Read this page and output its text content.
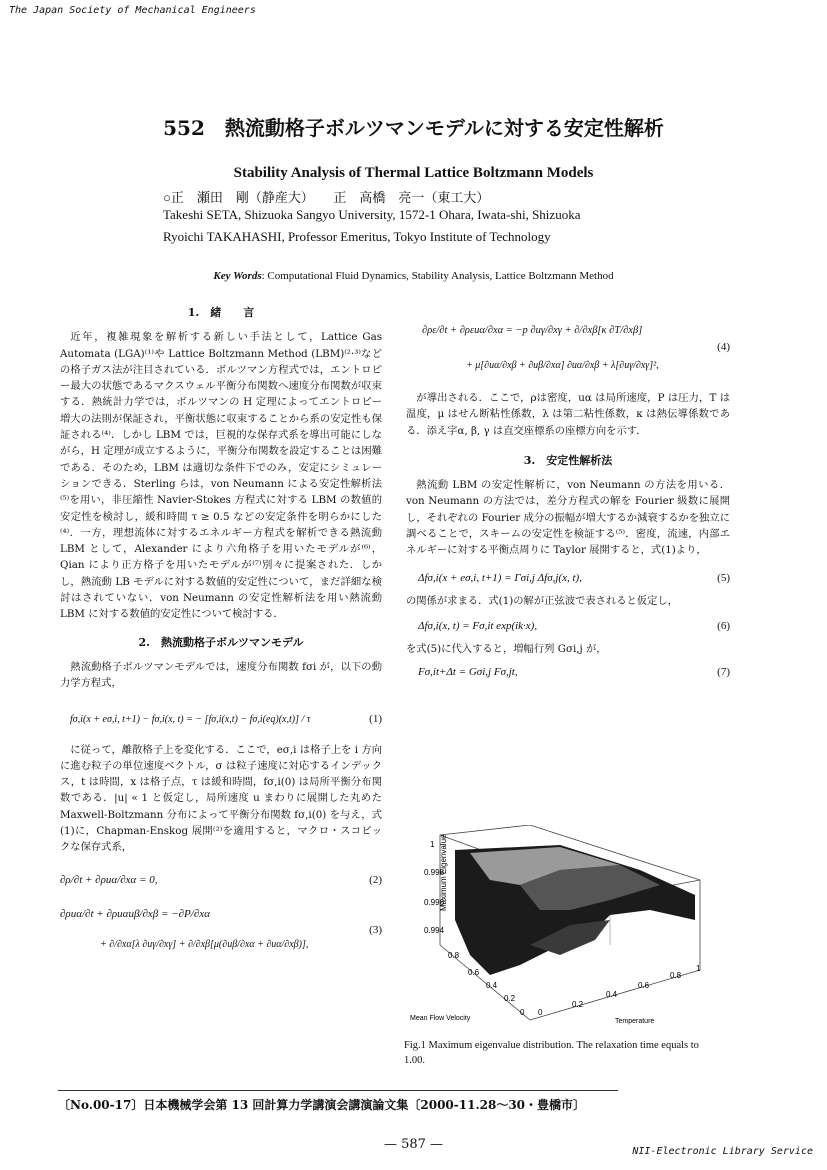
The Japan Society of Mechanical Engineers
552　熱流動格子ボルツマンモデルに対する安定性解析
Stability Analysis of Thermal Lattice Boltzmann Models
○正　瀬田　剛（静産大）　　正　高橋　亮一（東工大）
Takeshi SETA, Shizuoka Sangyo University, 1572-1 Ohara, Iwata-shi, Shizuoka
Ryoichi TAKAHASHI, Professor Emeritus, Tokyo Institute of Technology
Key Words: Computational Fluid Dynamics, Stability Analysis, Lattice Boltzmann Method
1.　緒　　言

近年，複雑現象を解析する新しい手法として，Lattice Gas Automata (LGA)⁽¹⁾や Lattice Boltzmann Method (LBM)⁽²·³⁾などの格子ガス法が注目されている．ボルツマン方程式では，エントロピー最大の状態であるマクスウェル平衡分布関数へ速度分布関数が収束する．熱統計力学では，ボルツマンの H 定理によってエントロピー増大の法則が保証され，平衡状態に収束することから系の安定性も保証される⁽⁴⁾．しかし LBM では，巨視的な保存式系を導出可能にしながら，H 定理が成立するように，平衡分布関数を設定することは困難である．そのため，LBM は適切な条件下でのみ，安定にシミュレーションできる．Sterling らは，von Neumann による安定性解析法⁽⁵⁾を用い，非圧縮性 Navier-Stokes 方程式に対する LBM の数値的安定性を検討し，緩和時間 τ ≥ 0.5 などの安定条件を明らかにした⁽⁴⁾．一方，理想流体に対するエネルギー方程式を解析できる熱流動 LBM として，Alexander により六角格子を用いたモデルが⁽⁶⁾，Qian により正方格子を用いたモデルが⁽⁷⁾別々に提案された．しかし，熱流動 LB モデルに対する数値的安定性について，まだ詳細な検討はされていない．von Neumann の安定性解析法を用い熱流動 LBM に対する数値的安定性について検討する．

2.　熱流動格子ボルツマンモデル

熱流動格子ボルツマンモデルでは，速度分布関数 fσi が，以下の動力学方程式，

fσ,i(x + eσ,i, t+1) − fσ,i(x, t) = − [fσ,i(x,t) − fσ,i(eq)(x,t)] / τ	(1)

に従って，離散格子上を変化する．ここで，eσ,i は格子上を i 方向に進む粒子の単位速度ベクトル，σ は粒子速度に対応するインデックス，t は時間，x は格子点，τ は緩和時間，fσ,i(0) は局所平衡分布関数である．|u| « 1 と仮定し，局所速度 u まわりに展開した丸めた Maxwell-Boltzmann 分布によって平衡分布関数 fσ,i(0) を与え，式(1)に，Chapman-Enskog 展開⁽²⁾を適用すると，マクロ・スコピックな保存式系，

∂ρ/∂t + ∂ρuα/∂xα = 0,	(2)
∂ρuα/∂t + ∂ρuαuβ/∂xβ = −∂P/∂xα
+ ∂/∂xα[λ ∂uγ/∂xγ] + ∂/∂xβ[μ(∂uβ/∂xα + ∂uα/∂xβ)],
(3)
∂ρε/∂t + ∂ρεuα/∂xα = −p ∂uγ/∂xγ + ∂/∂xβ[κ ∂T/∂xβ]
+ μ[∂uα/∂xβ + ∂uβ/∂xα] ∂uα/∂xβ + λ[∂uγ/∂xγ]²,
(4)

が導出される．ここで，ρは密度，uα は局所速度，P は圧力，T は温度，μ はせん断粘性係数，λ は第二粘性係数，κ は熱伝導係数である．添え字α, β, γ は直交座標系の座標方向を示す．

3.　安定性解析法

熱流動 LBM の安定性解析に，von Neumann の方法を用いる．von Neumann の方法では，差分方程式の解を Fourier 級数に展開し，それぞれの Fourier 成分の振幅が増大するか減衰するかを独立に調べることで，スキームの安定性を検証する⁽⁵⁾．密度，流速，内部エネルギーに対する平衡点周りに Taylor 展開すると，式(1)より，

Δfσ,i(x + eσ,i, t+1) = Γσi,j Δfσ,j(x, t),	(5)

の関係が求まる．式(1)の解が正弦波で表されると仮定し，

Δfσ,i(x, t) = Fσ,it exp(ik·x),	(6)

を式(5)に代入すると，増幅行列 Gσi,j が，

Fσ,it+Δt = Gσi,j Fσ,jt,	(7)
1
0.998
0.996
0.994
Maximum Eigenvalue
0.8
0.6
0.4
0.2
0
Mean Flow Velocity
0
0.2
0.4
0.6
0.8
1
Temperature
Fig.1 Maximum eigenvalue distribution. The relaxation time equals to 1.00.
〔No.00-17〕日本機械学会第 13 回計算力学講演会講演論文集〔2000-11.28～30・豊橋市〕
— 587 —	NII-Electronic Library Service
